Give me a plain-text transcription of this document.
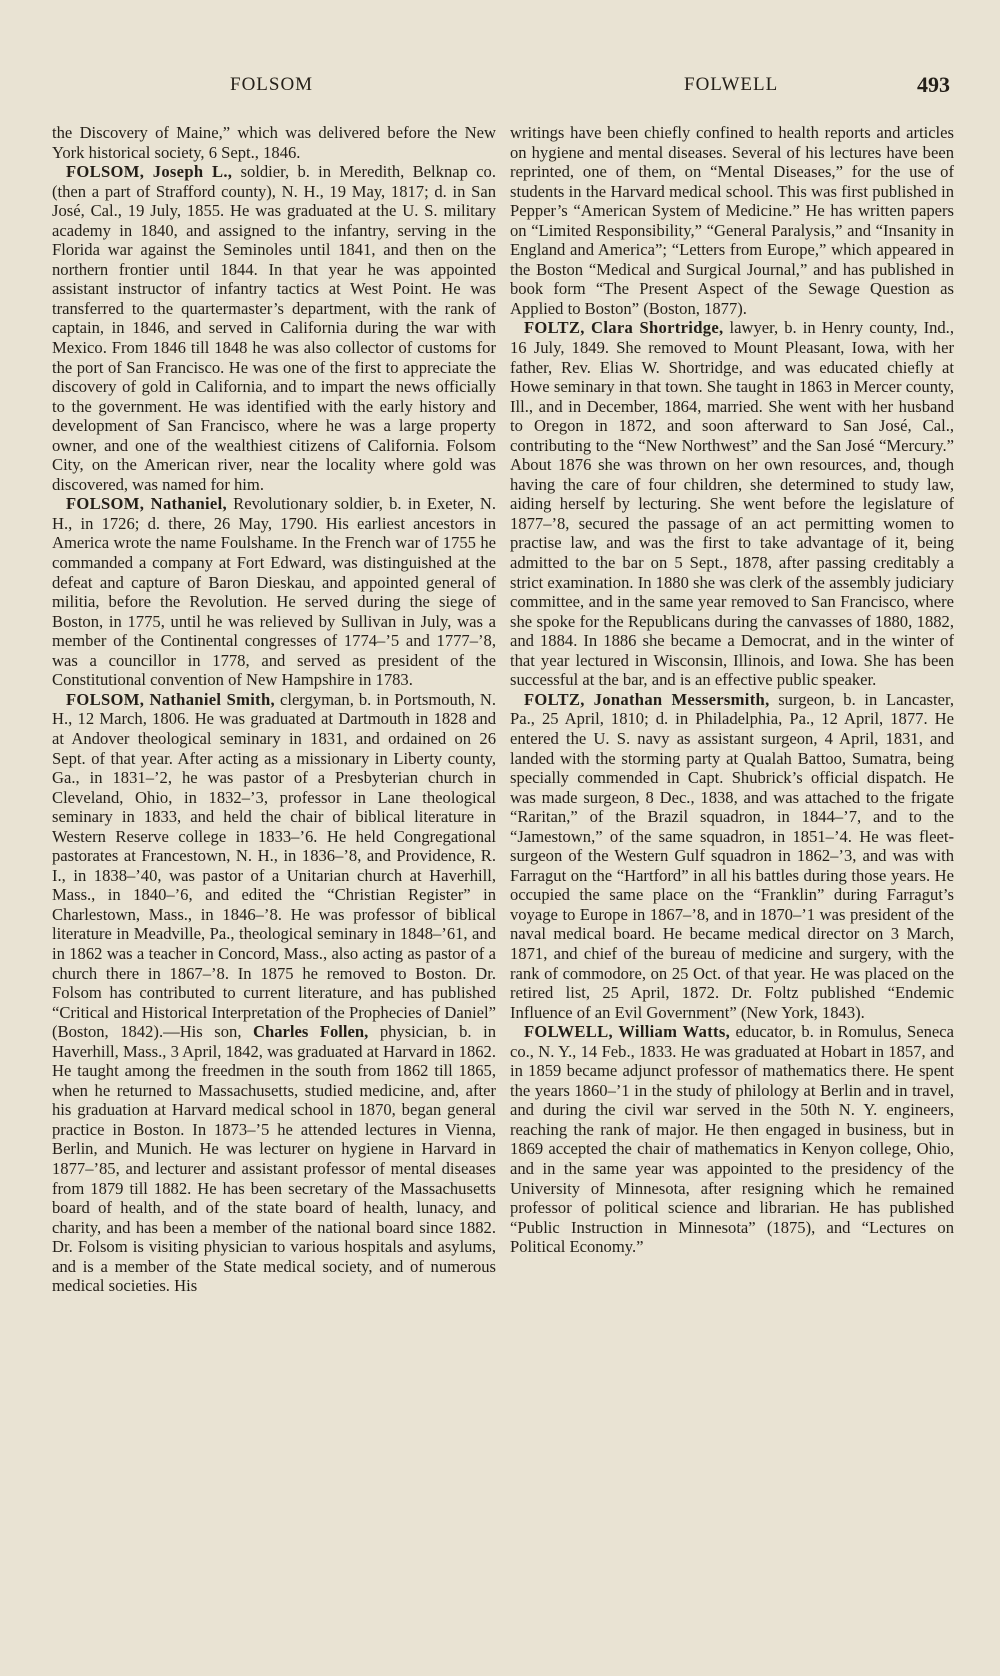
FOLSOM	FOLWELL	493

the Discovery of Maine,” which was delivered before the New York historical society, 6 Sept., 1846.

FOLSOM, Joseph L., soldier, b. in Meredith, Belknap co. (then a part of Strafford county), N. H., 19 May, 1817; d. in San José, Cal., 19 July, 1855. He was graduated at the U. S. military academy in 1840, and assigned to the infantry, serving in the Florida war against the Seminoles until 1841, and then on the northern frontier until 1844. In that year he was appointed assistant instructor of infantry tactics at West Point. He was transferred to the quartermaster’s department, with the rank of captain, in 1846, and served in California during the war with Mexico. From 1846 till 1848 he was also collector of customs for the port of San Francisco. He was one of the first to appreciate the discovery of gold in California, and to impart the news officially to the government. He was identified with the early history and development of San Francisco, where he was a large property owner, and one of the wealthiest citizens of California. Folsom City, on the American river, near the locality where gold was discovered, was named for him.

FOLSOM, Nathaniel, Revolutionary soldier, b. in Exeter, N. H., in 1726; d. there, 26 May, 1790. His earliest ancestors in America wrote the name Foulshame. In the French war of 1755 he commanded a company at Fort Edward, was distinguished at the defeat and capture of Baron Dieskau, and appointed general of militia, before the Revolution. He served during the siege of Boston, in 1775, until he was relieved by Sullivan in July, was a member of the Continental congresses of 1774–’5 and 1777–’8, was a councillor in 1778, and served as president of the Constitutional convention of New Hampshire in 1783.

FOLSOM, Nathaniel Smith, clergyman, b. in Portsmouth, N. H., 12 March, 1806. He was graduated at Dartmouth in 1828 and at Andover theological seminary in 1831, and ordained on 26 Sept. of that year. After acting as a missionary in Liberty county, Ga., in 1831–’2, he was pastor of a Presbyterian church in Cleveland, Ohio, in 1832–’3, professor in Lane theological seminary in 1833, and held the chair of biblical literature in Western Reserve college in 1833–’6. He held Congregational pastorates at Francestown, N. H., in 1836–’8, and Providence, R. I., in 1838–’40, was pastor of a Unitarian church at Haverhill, Mass., in 1840–’6, and edited the “Christian Register” in Charlestown, Mass., in 1846–’8. He was professor of biblical literature in Meadville, Pa., theological seminary in 1848–’61, and in 1862 was a teacher in Concord, Mass., also acting as pastor of a church there in 1867–’8. In 1875 he removed to Boston. Dr. Folsom has contributed to current literature, and has published “Critical and Historical Interpretation of the Prophecies of Daniel” (Boston, 1842).—His son, Charles Follen, physician, b. in Haverhill, Mass., 3 April, 1842, was graduated at Harvard in 1862. He taught among the freedmen in the south from 1862 till 1865, when he returned to Massachusetts, studied medicine, and, after his graduation at Harvard medical school in 1870, began general practice in Boston. In 1873–’5 he attended lectures in Vienna, Berlin, and Munich. He was lecturer on hygiene in Harvard in 1877–’85, and lecturer and assistant professor of mental diseases from 1879 till 1882. He has been secretary of the Massachusetts board of health, and of the state board of health, lunacy, and charity, and has been a member of the national board since 1882. Dr. Folsom is visiting physician to various hospitals and asylums, and is a member of the State medical society, and of numerous medical societies. His

writings have been chiefly confined to health reports and articles on hygiene and mental diseases. Several of his lectures have been reprinted, one of them, on “Mental Diseases,” for the use of students in the Harvard medical school. This was first published in Pepper’s “American System of Medicine.” He has written papers on “Limited Responsibility,” “General Paralysis,” and “Insanity in England and America”; “Letters from Europe,” which appeared in the Boston “Medical and Surgical Journal,” and has published in book form “The Present Aspect of the Sewage Question as Applied to Boston” (Boston, 1877).

FOLTZ, Clara Shortridge, lawyer, b. in Henry county, Ind., 16 July, 1849. She removed to Mount Pleasant, Iowa, with her father, Rev. Elias W. Shortridge, and was educated chiefly at Howe seminary in that town. She taught in 1863 in Mercer county, Ill., and in December, 1864, married. She went with her husband to Oregon in 1872, and soon afterward to San José, Cal., contributing to the “New Northwest” and the San José “Mercury.” About 1876 she was thrown on her own resources, and, though having the care of four children, she determined to study law, aiding herself by lecturing. She went before the legislature of 1877–’8, secured the passage of an act permitting women to practise law, and was the first to take advantage of it, being admitted to the bar on 5 Sept., 1878, after passing creditably a strict examination. In 1880 she was clerk of the assembly judiciary committee, and in the same year removed to San Francisco, where she spoke for the Republicans during the canvasses of 1880, 1882, and 1884. In 1886 she became a Democrat, and in the winter of that year lectured in Wisconsin, Illinois, and Iowa. She has been successful at the bar, and is an effective public speaker.

FOLTZ, Jonathan Messersmith, surgeon, b. in Lancaster, Pa., 25 April, 1810; d. in Philadelphia, Pa., 12 April, 1877. He entered the U. S. navy as assistant surgeon, 4 April, 1831, and landed with the storming party at Qualah Battoo, Sumatra, being specially commended in Capt. Shubrick’s official dispatch. He was made surgeon, 8 Dec., 1838, and was attached to the frigate “Raritan,” of the Brazil squadron, in 1844–’7, and to the “Jamestown,” of the same squadron, in 1851–’4. He was fleet-surgeon of the Western Gulf squadron in 1862–’3, and was with Farragut on the “Hartford” in all his battles during those years. He occupied the same place on the “Franklin” during Farragut’s voyage to Europe in 1867–’8, and in 1870–’1 was president of the naval medical board. He became medical director on 3 March, 1871, and chief of the bureau of medicine and surgery, with the rank of commodore, on 25 Oct. of that year. He was placed on the retired list, 25 April, 1872. Dr. Foltz published “Endemic Influence of an Evil Government” (New York, 1843).

FOLWELL, William Watts, educator, b. in Romulus, Seneca co., N. Y., 14 Feb., 1833. He was graduated at Hobart in 1857, and in 1859 became adjunct professor of mathematics there. He spent the years 1860–’1 in the study of philology at Berlin and in travel, and during the civil war served in the 50th N. Y. engineers, reaching the rank of major. He then engaged in business, but in 1869 accepted the chair of mathematics in Kenyon college, Ohio, and in the same year was appointed to the presidency of the University of Minnesota, after resigning which he remained professor of political science and librarian. He has published “Public Instruction in Minnesota” (1875), and “Lectures on Political Economy.”
